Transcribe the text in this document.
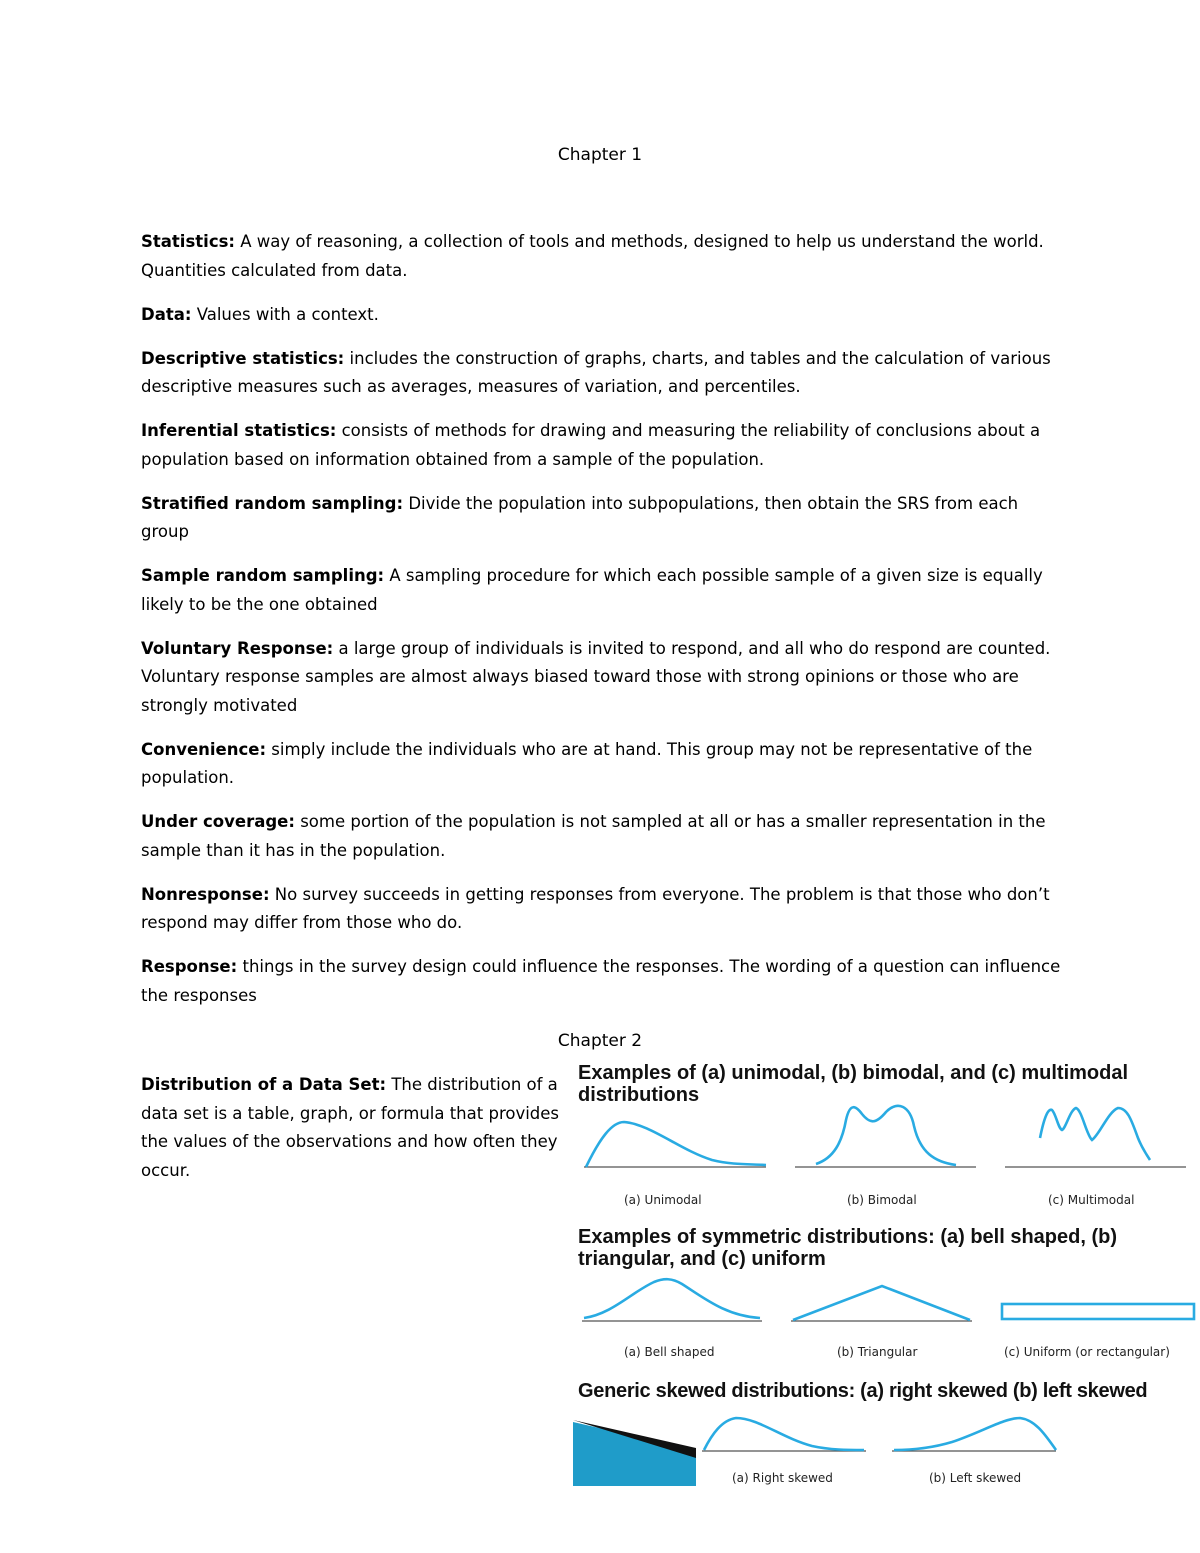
Chapter 1

Statistics: A way of reasoning, a collection of tools and methods, designed to help us understand the world. Quantities calculated from data.

Data: Values with a context.

Descriptive statistics: includes the construction of graphs, charts, and tables and the calculation of various descriptive measures such as averages, measures of variation, and percentiles.

Inferential statistics: consists of methods for drawing and measuring the reliability of conclusions about a population based on information obtained from a sample of the population.

Stratified random sampling: Divide the population into subpopulations, then obtain the SRS from each group

Sample random sampling: A sampling procedure for which each possible sample of a given size is equally likely to be the one obtained

Voluntary Response: a large group of individuals is invited to respond, and all who do respond are counted. Voluntary response samples are almost always biased toward those with strong opinions or those who are strongly motivated

Convenience: simply include the individuals who are at hand. This group may not be representative of the population.

Under coverage: some portion of the population is not sampled at all or has a smaller representation in the sample than it has in the population.

Nonresponse: No survey succeeds in getting responses from everyone. The problem is that those who don’t respond may differ from those who do.

Response: things in the survey design could influence the responses. The wording of a question can influence the responses

Chapter 2
Distribution of a Data Set: The distribution of a data set is a table, graph, or formula that provides the values of the observations and how often they occur.
(a) Unimodal	(b) Bimodal	(c) Multimodal
(a) Bell shaped	(b) Triangular	(c) Uniform (or rectangular)
(a) Right skewed	(b) Left skewed
Examples of (a) unimodal, (b) bimodal, and (c) multimodal distributions
Examples of symmetric distributions: (a) bell shaped, (b) triangular, and (c) uniform
Generic skewed distributions: (a) right skewed (b) left skewed
